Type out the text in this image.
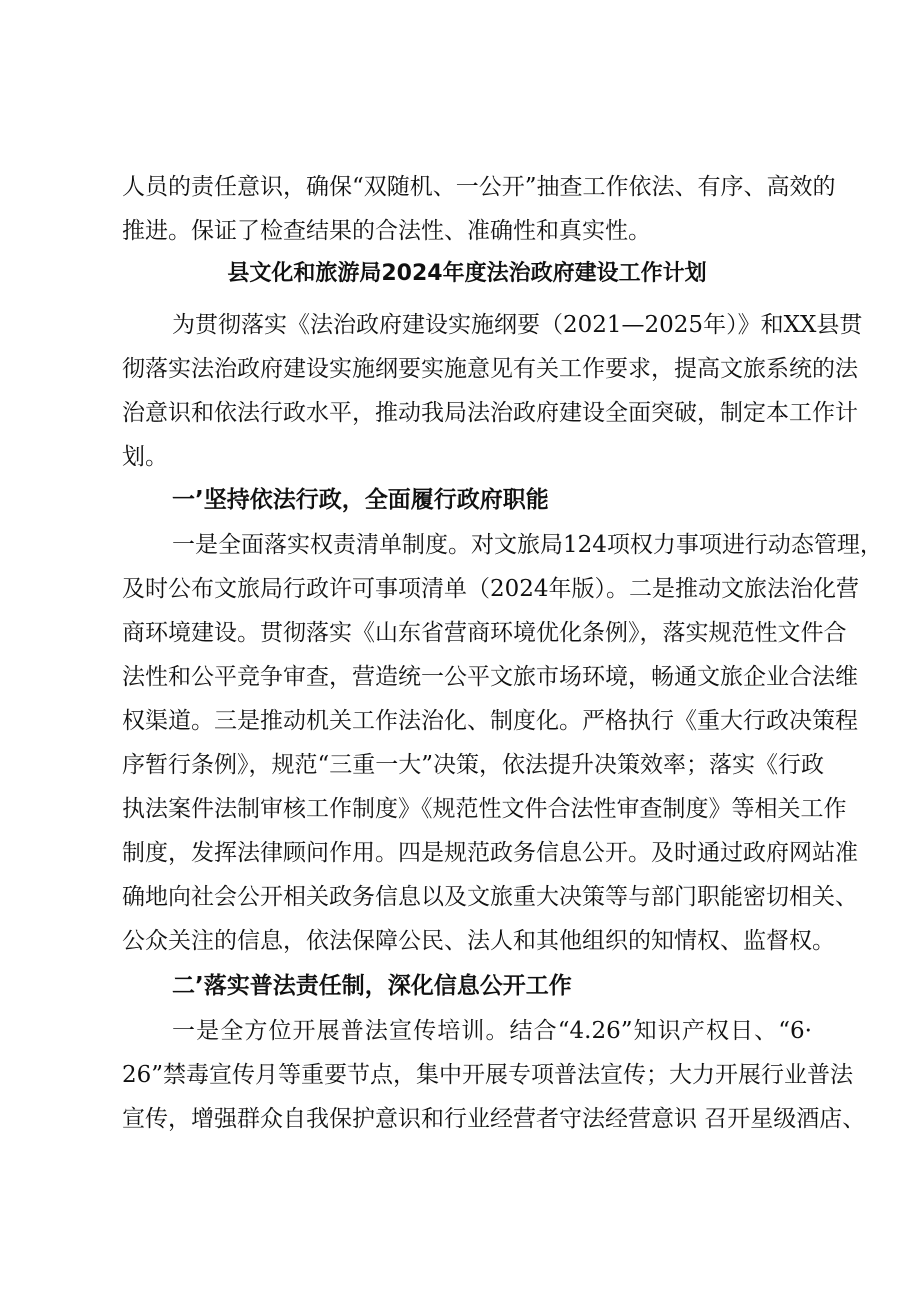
人员的责任意识，确保“双随机、一公开”抽查工作依法、有序、高效的
推进。保证了检查结果的合法性、准确性和真实性。
县文化和旅游局2024年度法治政府建设工作计划
为贯彻落实《法治政府建设实施纲要（2021—2025年）》和XX县贯
彻落实法治政府建设实施纲要实施意见有关工作要求，提高文旅系统的法
治意识和依法行政水平，推动我局法治政府建设全面突破，制定本工作计
划。
一’坚持依法行政，全面履行政府职能
一是全面落实权责清单制度。对文旅局124项权力事项进行动态管理，
及时公布文旅局行政许可事项清单（2024年版）。二是推动文旅法治化营
商环境建设。贯彻落实《山东省营商环境优化条例》，落实规范性文件合
法性和公平竞争审查，营造统一公平文旅市场环境，畅通文旅企业合法维
权渠道。三是推动机关工作法治化、制度化。严格执行《重大行政决策程
序暂行条例》，规范“三重一大”决策，依法提升决策效率；落实《行政
执法案件法制审核工作制度》《规范性文件合法性审查制度》等相关工作
制度，发挥法律顾问作用。四是规范政务信息公开。及时通过政府网站准
确地向社会公开相关政务信息以及文旅重大决策等与部门职能密切相关、
公众关注的信息，依法保障公民、法人和其他组织的知情权、监督权。
二’落实普法责任制，深化信息公开工作
一是全方位开展普法宣传培训。结合“4.26”知识产权日、“6·
26”禁毒宣传月等重要节点，集中开展专项普法宣传；大力开展行业普法
宣传，增强群众自我保护意识和行业经营者守法经营意识 召开星级酒店、
